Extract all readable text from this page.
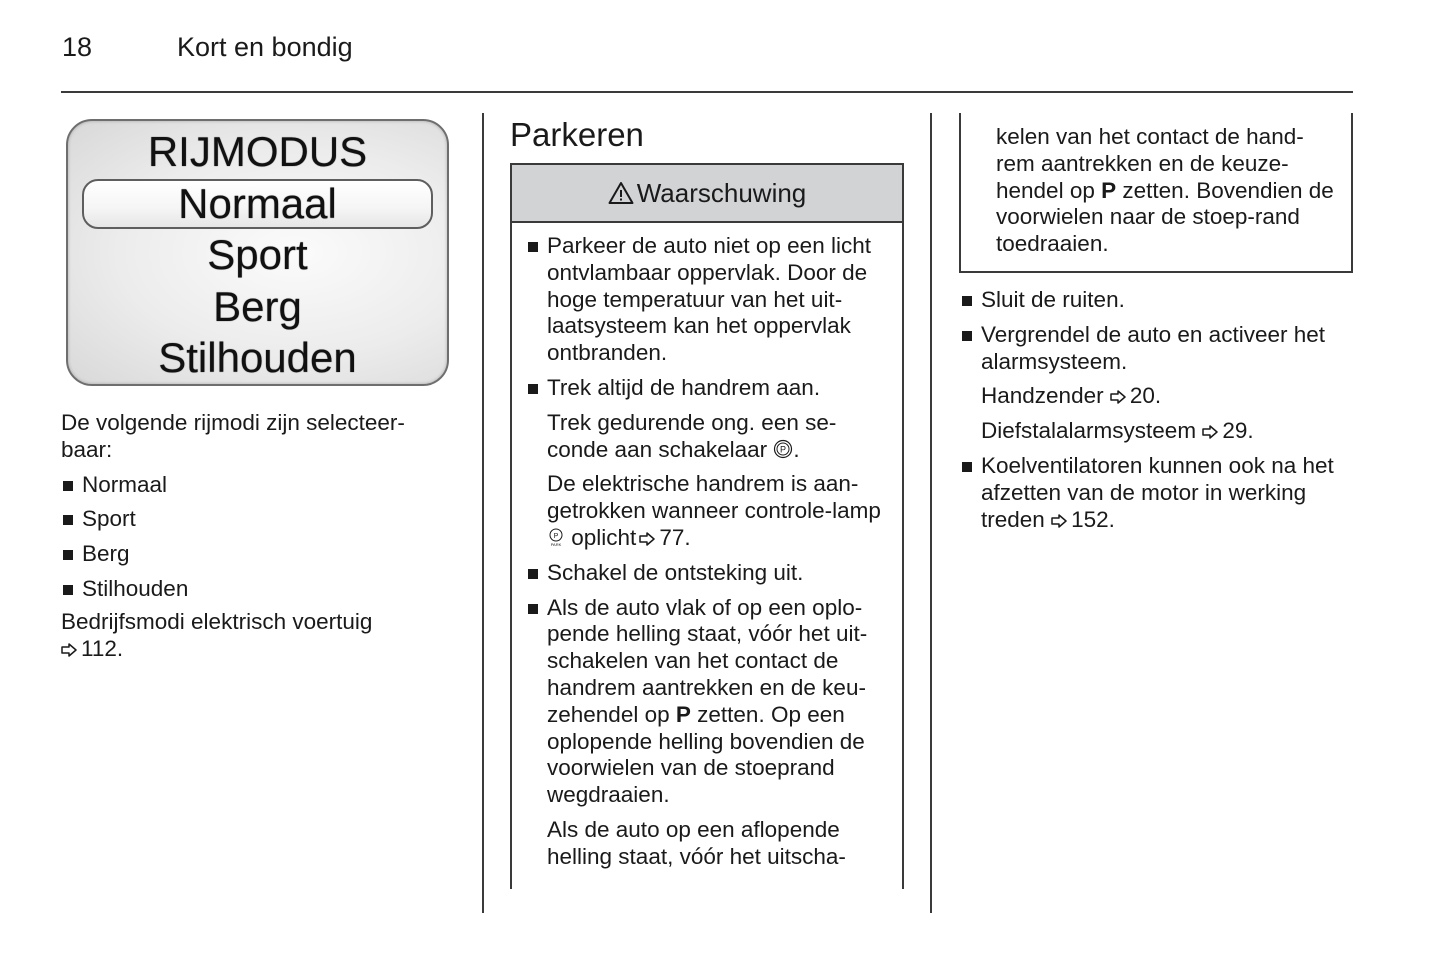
18	Kort en bondig
RIJMODUS
Normaal
Sport
Berg
Stilhouden

De volgende rijmodi zijn selecteer-
baar:

Normaal
Sport
Berg
Stilhouden

Bedrijfsmodi elektrisch voertuig

112.

Parkeren
Waarschuwing
Parkeer de auto niet op een licht ontvlambaar oppervlak. Door de hoge temperatuur van het uit-laatsysteem kan het oppervlak ontbranden.
Trek altijd de handrem aan.

Trek gedurende ong. een se-conde aan schakelaar P .

De elektrische handrem is aan-getrokken wanneer controle-lamp
P
PARK oplicht 77.

Schakel de ontsteking uit.
Als de auto vlak of op een oplo-pende helling staat, vóór het uit-schakelen van het contact de handrem aantrekken en de keu-zehendel op P zetten. Op een oplopende helling bovendien de voorwielen van de stoeprand wegdraaien.

Als de auto op een aflopende helling staat, vóór het uitscha-

kelen van het contact de hand-rem aantrekken en de keuze-hendel op P zetten. Bovendien de voorwielen naar de stoep-rand toedraaien.
Sluit de ruiten.
Vergrendel de auto en activeer het alarmsysteem.

Handzender 20.

Diefstalalarmsysteem 29.

Koelventilatoren kunnen ook na het afzetten van de motor in werking treden 152.
